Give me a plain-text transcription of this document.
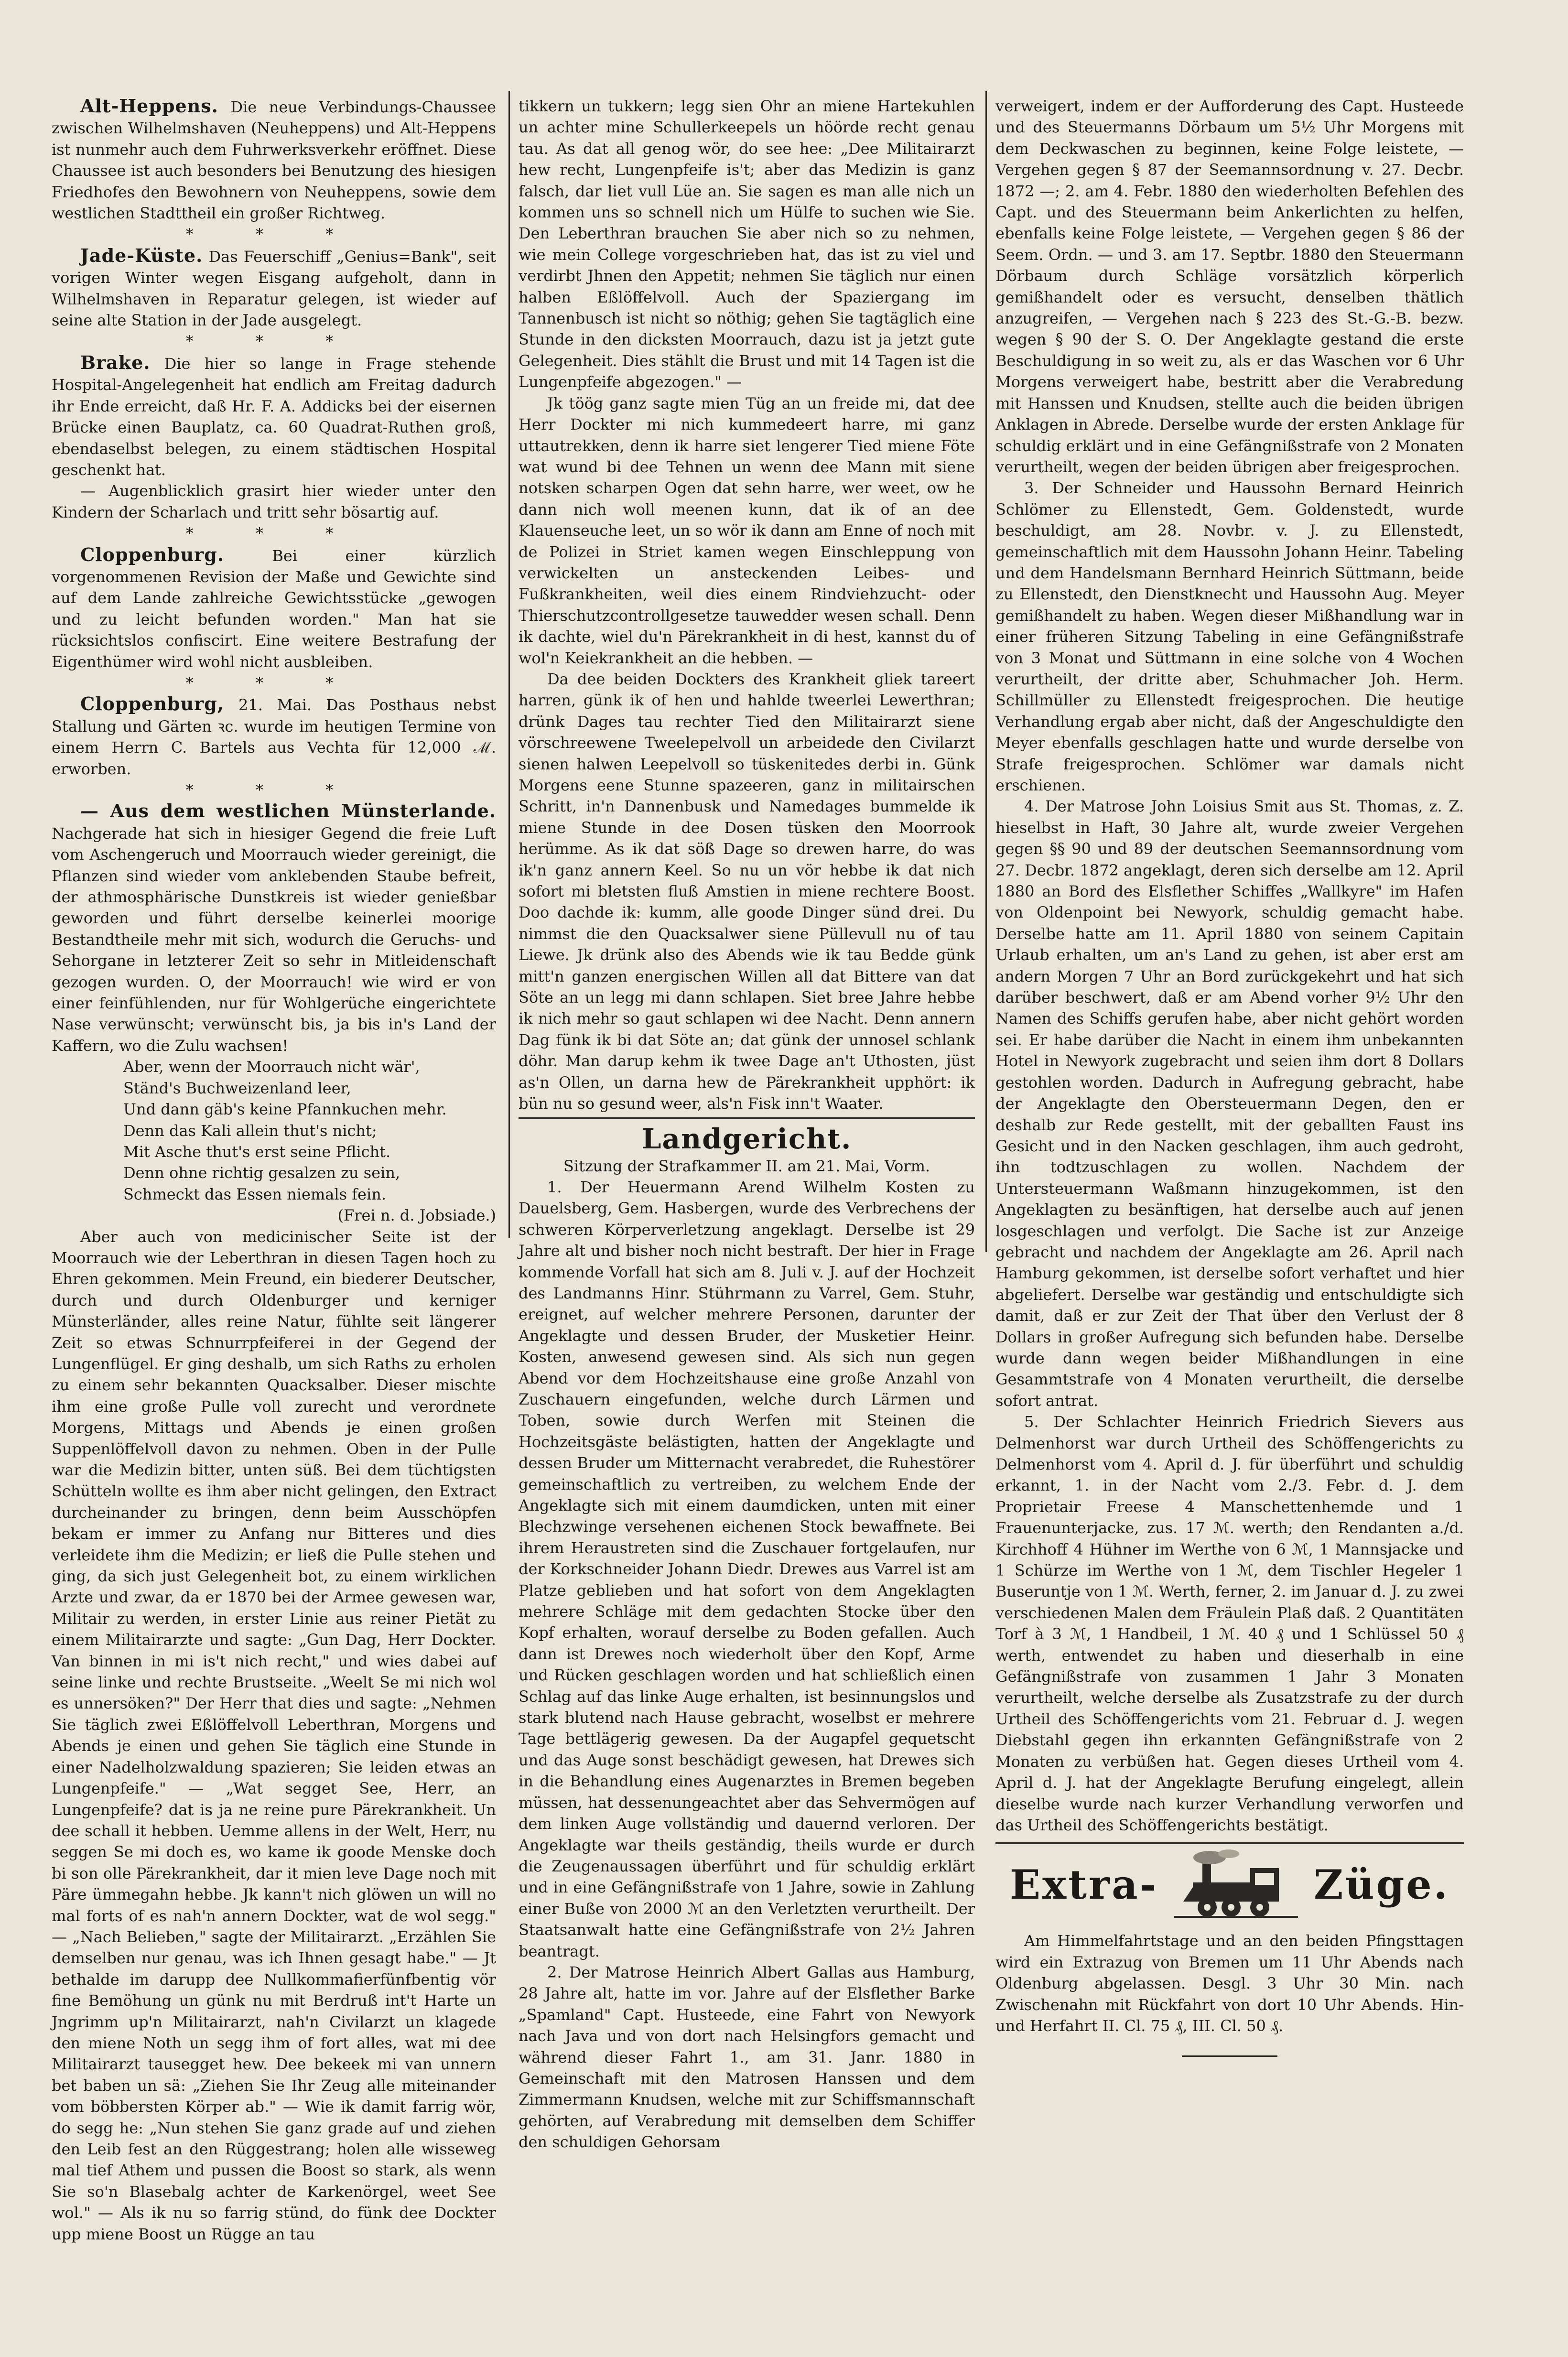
Alt-Heppens. Die neue Verbindungs-Chaussee zwischen Wilhelmshaven (Neuheppens) und Alt-Heppens ist nunmehr auch dem Fuhrwerksverkehr eröffnet. Diese Chaussee ist auch besonders bei Benutzung des hiesigen Friedhofes den Bewohnern von Neuheppens, sowie dem westlichen Stadttheil ein großer Richtweg.

* * *

Jade-Küste. Das Feuerschiff „Genius=Bank", seit vorigen Winter wegen Eisgang aufgeholt, dann in Wilhelmshaven in Reparatur gelegen, ist wieder auf seine alte Station in der Jade ausgelegt.

* * *

Brake. Die hier so lange in Frage stehende Hospital-Angelegenheit hat endlich am Freitag dadurch ihr Ende erreicht, daß Hr. F. A. Addicks bei der eisernen Brücke einen Bauplatz, ca. 60 Quadrat-Ruthen groß, ebendaselbst belegen, zu einem städtischen Hospital geschenkt hat.

— Augenblicklich grasirt hier wieder unter den Kindern der Scharlach und tritt sehr bösartig auf.

* * *

Cloppenburg.	Bei einer kürzlich vorgenommenen Revision der Maße und Gewichte sind auf dem Lande zahlreiche Gewichtsstücke „gewogen und zu leicht befunden worden." Man hat sie rücksichtslos confiscirt. Eine weitere Bestrafung der Eigenthümer wird wohl nicht ausbleiben.

* * *

Cloppenburg, 21. Mai. Das Posthaus nebst Stallung und Gärten ꝛc. wurde im heutigen Termine von einem Herrn C. Bartels aus Vechta für 12,000 ℳ. erworben.

* * *

— Aus dem westlichen Münsterlande. Nachgerade hat sich in hiesiger Gegend die freie Luft vom Aschengeruch und Moorrauch wieder gereinigt, die Pflanzen sind wieder vom anklebenden Staube befreit, der athmosphärische Dunstkreis ist wieder genießbar geworden und führt derselbe keinerlei moorige Bestandtheile mehr mit sich, wodurch die Geruchs- und Sehorgane in letzterer Zeit so sehr in Mitleidenschaft gezogen wurden. O, der Moorrauch! wie wird er von einer feinfühlenden, nur für Wohlgerüche eingerichtete Nase verwünscht; verwünscht bis, ja bis in's Land der Kaffern, wo die Zulu wachsen!

Aber, wenn der Moorrauch nicht wär',

Ständ's Buchweizenland leer,

Und dann gäb's keine Pfannkuchen mehr.

Denn das Kali allein thut's nicht;

Mit Asche thut's erst seine Pflicht.

Denn ohne richtig gesalzen zu sein,

Schmeckt das Essen niemals fein.

(Frei n. d. Jobsiade.)

Aber auch von medicinischer Seite ist der Moorrauch wie der Leberthran in diesen Tagen hoch zu Ehren gekommen. Mein Freund, ein biederer Deutscher, durch und durch Oldenburger und kerniger Münsterländer, alles reine Natur, fühlte seit längerer Zeit so etwas Schnurrpfeiferei in der Gegend der Lungenflügel. Er ging deshalb, um sich Raths zu erholen zu einem sehr bekannten Quacksalber. Dieser mischte ihm eine große Pulle voll zurecht und verordnete Morgens, Mittags und Abends je einen großen Suppenlöffelvoll davon zu nehmen. Oben in der Pulle war die Medizin bitter, unten süß. Bei dem tüchtigsten Schütteln wollte es ihm aber nicht gelingen, den Extract durcheinander zu bringen, denn beim Ausschöpfen bekam er immer zu Anfang nur Bitteres und dies verleidete ihm die Medizin; er ließ die Pulle stehen und ging, da sich just Gelegenheit bot, zu einem wirklichen Arzte und zwar, da er 1870 bei der Armee gewesen war, Militair zu werden, in erster Linie aus reiner Pietät zu einem Militairarzte und sagte: „Gun Dag, Herr Dockter. Van binnen in mi is't nich recht," und wies dabei auf seine linke und rechte Brustseite. „Weelt Se mi nich wol es unnersöken?" Der Herr that dies und sagte: „Nehmen Sie täglich zwei Eßlöffelvoll Leberthran, Morgens und Abends je einen und gehen Sie täglich eine Stunde in einer Nadelholzwaldung spazieren; Sie leiden etwas an Lungenpfeife." — „Wat segget See, Herr, an Lungenpfeife? dat is ja ne reine pure Pärekrankheit. Un dee schall it hebben. Uemme allens in der Welt, Herr, nu seggen Se mi doch es, wo kame ik goode Menske doch bi son olle Pärekrankheit, dar it mien leve Dage noch mit Päre ümmegahn hebbe. Jk kann't nich glöwen un will no mal forts of es nah'n annern Dockter, wat de wol segg." — „Nach Belieben," sagte der Militairarzt. „Erzählen Sie demselben nur genau, was ich Ihnen gesagt habe." — Jt bethalde im darupp dee Nullkommafierfünfbentig vör fine Bemöhung un günk nu mit Berdruß int't Harte un Jngrimm up'n Militairarzt, nah'n Civilarzt un klagede den miene Noth un segg ihm of fort alles, wat mi dee Militairarzt tausegget hew. Dee bekeek mi van unnern bet baben un sä: „Ziehen Sie Ihr Zeug alle miteinander vom böbbersten Körper ab." — Wie ik damit farrig wör, do segg he: „Nun stehen Sie ganz grade auf und ziehen den Leib fest an den Rüggestrang; holen alle wisseweg mal tief Athem und pussen die Boost so stark, als wenn Sie so'n Blasebalg achter de Karkenörgel, weet See wol." — Als ik nu so farrig stünd, do fünk dee Dockter upp miene Boost un Rügge an tau

tikkern un tukkern; legg sien Ohr an miene Hartekuhlen un achter mine Schullerkeepels un höörde recht genau tau. As dat all genog wör, do see hee: „Dee Militairarzt hew recht, Lungenpfeife is't; aber das Medizin is ganz falsch, dar liet vull Lüe an. Sie sagen es man alle nich un kommen uns so schnell nich um Hülfe to suchen wie Sie. Den Leberthran brauchen Sie aber nich so zu nehmen, wie mein College vorgeschrieben hat, das ist zu viel und verdirbt Jhnen den Appetit; nehmen Sie täglich nur einen halben Eßlöffelvoll. Auch der Spaziergang im Tannenbusch ist nicht so nöthig; gehen Sie tagtäglich eine Stunde in den dicksten Moorrauch, dazu ist ja jetzt gute Gelegenheit. Dies stählt die Brust und mit 14 Tagen ist die Lungenpfeife abgezogen." —

Jk töög ganz sagte mien Tüg an un freide mi, dat dee Herr Dockter mi nich kummedeert harre, mi ganz uttautrekken, denn ik harre siet lengerer Tied miene Föte wat wund bi dee Tehnen un wenn dee Mann mit siene notsken scharpen Ogen dat sehn harre, wer weet, ow he dann nich woll meenen kunn, dat ik of an dee Klauenseuche leet, un so wör ik dann am Enne of noch mit de Polizei in Striet kamen wegen Einschleppung von verwickelten un ansteckenden Leibes- und Fußkrankheiten, weil dies einem Rindviehzucht- oder Thierschutzcontrollgesetze tauwedder wesen schall. Denn ik dachte, wiel du'n Pärekrankheit in di hest, kannst du of wol'n Keiekrankheit an die hebben. —

Da dee beiden Dockters des Krankheit gliek tareert harren, günk ik of hen und hahlde tweerlei Lewerthran; drünk Dages tau rechter Tied den Militairarzt siene vörschreewene Tweelepelvoll un arbeidede den Civilarzt sienen halwen Leepelvoll so tüskenitedes derbi in. Günk Morgens eene Stunne spazeeren, ganz in militairschen Schritt, in'n Dannenbusk und Namedages bummelde ik miene Stunde in dee Dosen tüsken den Moorrook herümme. As ik dat söß Dage so drewen harre, do was ik'n ganz annern Keel. So nu un vör hebbe ik dat nich sofort mi bletsten fluß Amstien in miene rechtere Boost. Doo dachde ik: kumm, alle goode Dinger sünd drei. Du nimmst die den Quacksalwer siene Püllevull nu of tau Liewe. Jk drünk also des Abends wie ik tau Bedde günk mitt'n ganzen energischen Willen all dat Bittere van dat Söte an un legg mi dann schlapen. Siet bree Jahre hebbe ik nich mehr so gaut schlapen wi dee Nacht. Denn annern Dag fünk ik bi dat Söte an; dat günk der unnosel schlank döhr. Man darup kehm ik twee Dage an't Uthosten, jüst as'n Ollen, un darna hew de Pärekrankheit upphört: ik bün nu so gesund weer, als'n Fisk inn't Waater.

Landgericht.

Sitzung der Strafkammer II. am 21. Mai, Vorm.

1. Der Heuermann Arend Wilhelm Kosten zu Dauelsberg, Gem. Hasbergen, wurde des Verbrechens der schweren Körperverletzung angeklagt. Derselbe ist 29 Jahre alt und bisher noch nicht bestraft. Der hier in Frage kommende Vorfall hat sich am 8. Juli v. J. auf der Hochzeit des Landmanns Hinr. Stührmann zu Varrel, Gem. Stuhr, ereignet, auf welcher mehrere Personen, darunter der Angeklagte und dessen Bruder, der Musketier Heinr. Kosten, anwesend gewesen sind. Als sich nun gegen Abend vor dem Hochzeitshause eine große Anzahl von Zuschauern eingefunden, welche durch Lärmen und Toben, sowie durch Werfen mit Steinen die Hochzeitsgäste belästigten, hatten der Angeklagte und dessen Bruder um Mitternacht verabredet, die Ruhestörer gemeinschaftlich zu vertreiben, zu welchem Ende der Angeklagte sich mit einem daumdicken, unten mit einer Blechzwinge versehenen eichenen Stock bewaffnete. Bei ihrem Heraustreten sind die Zuschauer fortgelaufen, nur der Korkschneider Johann Diedr. Drewes aus Varrel ist am Platze geblieben und hat sofort von dem Angeklagten mehrere Schläge mit dem gedachten Stocke über den Kopf erhalten, worauf derselbe zu Boden gefallen. Auch dann ist Drewes noch wiederholt über den Kopf, Arme und Rücken geschlagen worden und hat schließlich einen Schlag auf das linke Auge erhalten, ist besinnungslos und stark blutend nach Hause gebracht, woselbst er mehrere Tage bettlägerig gewesen. Da der Augapfel gequetscht und das Auge sonst beschädigt gewesen, hat Drewes sich in die Behandlung eines Augenarztes in Bremen begeben müssen, hat dessenungeachtet aber das Sehvermögen auf dem linken Auge vollständig und dauernd verloren. Der Angeklagte war theils geständig, theils wurde er durch die Zeugenaussagen überführt und für schuldig erklärt und in eine Gefängnißstrafe von 1 Jahre, sowie in Zahlung einer Buße von 2000 ℳ an den Verletzten verurtheilt. Der Staatsanwalt hatte eine Gefängnißstrafe von 2½ Jahren beantragt.

2. Der Matrose Heinrich Albert Gallas aus Hamburg, 28 Jahre alt, hatte im vor. Jahre auf der Elsflether Barke „Spamland" Capt. Husteede, eine Fahrt von Newyork nach Java und von dort nach Helsingfors gemacht und während dieser Fahrt 1., am 31. Janr. 1880 in Gemeinschaft mit den Matrosen Hanssen und dem Zimmermann Knudsen, welche mit zur Schiffsmannschaft gehörten, auf Verabredung mit demselben dem Schiffer den schuldigen Gehorsam

verweigert, indem er der Aufforderung des Capt. Husteede und des Steuermanns Dörbaum um 5½ Uhr Morgens mit dem Deckwaschen zu beginnen, keine Folge leistete, — Vergehen gegen § 87 der Seemannsordnung v. 27. Decbr. 1872 —; 2. am 4. Febr. 1880 den wiederholten Befehlen des Capt. und des Steuermann beim Ankerlichten zu helfen, ebenfalls keine Folge leistete, — Vergehen gegen § 86 der Seem. Ordn. — und 3. am 17. Septbr. 1880 den Steuermann Dörbaum durch Schläge vorsätzlich körperlich gemißhandelt oder es versucht, denselben thätlich anzugreifen, — Vergehen nach § 223 des St.-G.-B. bezw. wegen § 90 der S. O. Der Angeklagte gestand die erste Beschuldigung in so weit zu, als er das Waschen vor 6 Uhr Morgens verweigert habe, bestritt aber die Verabredung mit Hanssen und Knudsen, stellte auch die beiden übrigen Anklagen in Abrede. Derselbe wurde der ersten Anklage für schuldig erklärt und in eine Gefängnißstrafe von 2 Monaten verurtheilt, wegen der beiden übrigen aber freigesprochen.

3. Der Schneider und Haussohn Bernard Heinrich Schlömer zu Ellenstedt, Gem. Goldenstedt, wurde beschuldigt, am 28. Novbr. v. J. zu Ellenstedt, gemeinschaftlich mit dem Haussohn Johann Heinr. Tabeling und dem Handelsmann Bernhard Heinrich Süttmann, beide zu Ellenstedt, den Dienstknecht und Haussohn Aug. Meyer gemißhandelt zu haben. Wegen dieser Mißhandlung war in einer früheren Sitzung Tabeling in eine Gefängnißstrafe von 3 Monat und Süttmann in eine solche von 4 Wochen verurtheilt, der dritte aber, Schuhmacher Joh. Herm. Schillmüller zu Ellenstedt freigesprochen. Die heutige Verhandlung ergab aber nicht, daß der Angeschuldigte den Meyer ebenfalls geschlagen hatte und wurde derselbe von Strafe freigesprochen. Schlömer war damals nicht erschienen.

4. Der Matrose John Loisius Smit aus St. Thomas, z. Z. hieselbst in Haft, 30 Jahre alt, wurde zweier Vergehen gegen §§ 90 und 89 der deutschen Seemannsordnung vom 27. Decbr. 1872 angeklagt, deren sich derselbe am 12. April 1880 an Bord des Elsflether Schiffes „Wallkyre" im Hafen von Oldenpoint bei Newyork, schuldig gemacht habe. Derselbe hatte am 11. April 1880 von seinem Capitain Urlaub erhalten, um an's Land zu gehen, ist aber erst am andern Morgen 7 Uhr an Bord zurückgekehrt und hat sich darüber beschwert, daß er am Abend vorher 9½ Uhr den Namen des Schiffs gerufen habe, aber nicht gehört worden sei. Er habe darüber die Nacht in einem ihm unbekannten Hotel in Newyork zugebracht und seien ihm dort 8 Dollars gestohlen worden. Dadurch in Aufregung gebracht, habe der Angeklagte den Obersteuermann Degen, den er deshalb zur Rede gestellt, mit der geballten Faust ins Gesicht und in den Nacken geschlagen, ihm auch gedroht, ihn todtzuschlagen zu wollen. Nachdem der Untersteuermann Waßmann hinzugekommen, ist den Angeklagten zu besänftigen, hat derselbe auch auf jenen losgeschlagen und verfolgt. Die Sache ist zur Anzeige gebracht und nachdem der Angeklagte am 26. April nach Hamburg gekommen, ist derselbe sofort verhaftet und hier abgeliefert. Derselbe war geständig und entschuldigte sich damit, daß er zur Zeit der That über den Verlust der 8 Dollars in großer Aufregung sich befunden habe. Derselbe wurde dann wegen beider Mißhandlungen in eine Gesammtstrafe von 4 Monaten verurtheilt, die derselbe sofort antrat.

5. Der Schlachter Heinrich Friedrich Sievers aus Delmenhorst war durch Urtheil des Schöffengerichts zu Delmenhorst vom 4. April d. J. für überführt und schuldig erkannt, 1. in der Nacht vom 2./3. Febr. d. J. dem Proprietair Freese 4 Manschettenhemde und 1 Frauenunterjacke, zus. 17 ℳ. werth; den Rendanten a./d. Kirchhoff 4 Hühner im Werthe von 6 ℳ, 1 Mannsjacke und 1 Schürze im Werthe von 1 ℳ, dem Tischler Hegeler 1 Buseruntje von 1 ℳ. Werth, ferner, 2. im Januar d. J. zu zwei verschiedenen Malen dem Fräulein Plaß daß. 2 Quantitäten Torf à 3 ℳ, 1 Handbeil, 1 ℳ. 40 ₰ und 1 Schlüssel 50 ₰ werth, entwendet zu haben und dieserhalb in eine Gefängnißstrafe von zusammen 1 Jahr 3 Monaten verurtheilt, welche derselbe als Zusatzstrafe zu der durch Urtheil des Schöffengerichts vom 21. Februar d. J. wegen Diebstahl gegen ihn erkannten Gefängnißstrafe von 2 Monaten zu verbüßen hat. Gegen dieses Urtheil vom 4. April d. J. hat der Angeklagte Berufung eingelegt, allein dieselbe wurde nach kurzer Verhandlung verworfen und das Urtheil des Schöffengerichts bestätigt.

Extra-	Züge.

Am Himmelfahrtstage und an den beiden Pfingsttagen wird ein Extrazug von Bremen um 11 Uhr Abends nach Oldenburg abgelassen. Desgl. 3 Uhr 30 Min. nach Zwischenahn mit Rückfahrt von dort 10 Uhr Abends. Hin- und Herfahrt II. Cl. 75 ₰, III. Cl. 50 ₰.
